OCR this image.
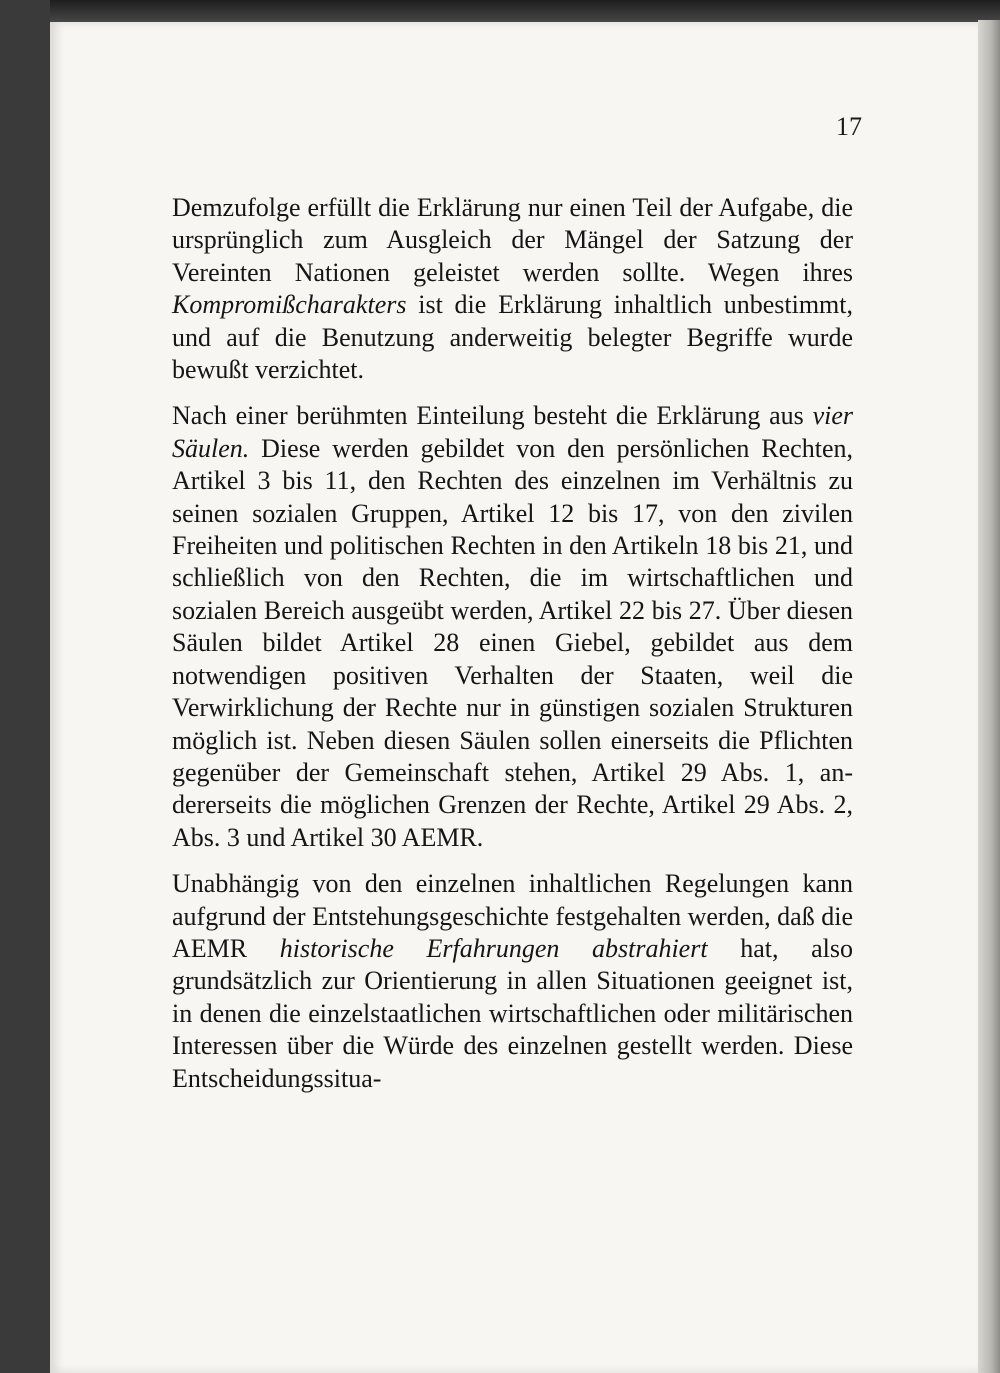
17

Demzufolge erfüllt die Erklärung nur einen Teil der Aufgabe, die ursprünglich zum Ausgleich der Mängel der Satzung der Vereinten Nationen geleistet werden sollte. Wegen ihres Kompromißcharakters ist die Erklärung inhaltlich unbestimmt, und auf die Benutzung anderweitig belegter Begriffe wurde bewußt verzichtet.

Nach einer berühmten Einteilung besteht die Erklärung aus vier Säulen. Diese werden gebildet von den persönlichen Rechten, Artikel 3 bis 11, den Rechten des einzelnen im Verhältnis zu seinen sozialen Gruppen, Artikel 12 bis 17, von den zivilen Freiheiten und politischen Rechten in den Artikeln 18 bis 21, und schließlich von den Rechten, die im wirtschaftlichen und sozialen Bereich ausgeübt werden, Artikel 22 bis 27. Über diesen Säulen bildet Artikel 28 einen Giebel, gebildet aus dem notwendigen positiven Verhalten der Staaten, weil die Verwirklichung der Rechte nur in günstigen sozialen Strukturen möglich ist. Neben diesen Säulen sollen einerseits die Pflichten gegenüber der Gemeinschaft stehen, Artikel 29 Abs. 1, andererseits die möglichen Grenzen der Rechte, Artikel 29 Abs. 2, Abs. 3 und Artikel 30 AEMR.

Unabhängig von den einzelnen inhaltlichen Regelungen kann aufgrund der Entstehungsgeschichte festgehalten werden, daß die AEMR historische Erfahrungen abstrahiert hat, also grundsätzlich zur Orientierung in allen Situationen geeignet ist, in denen die einzelstaatlichen wirtschaftlichen oder militärischen Interessen über die Würde des einzelnen gestellt werden. Diese Entscheidungssitua-
